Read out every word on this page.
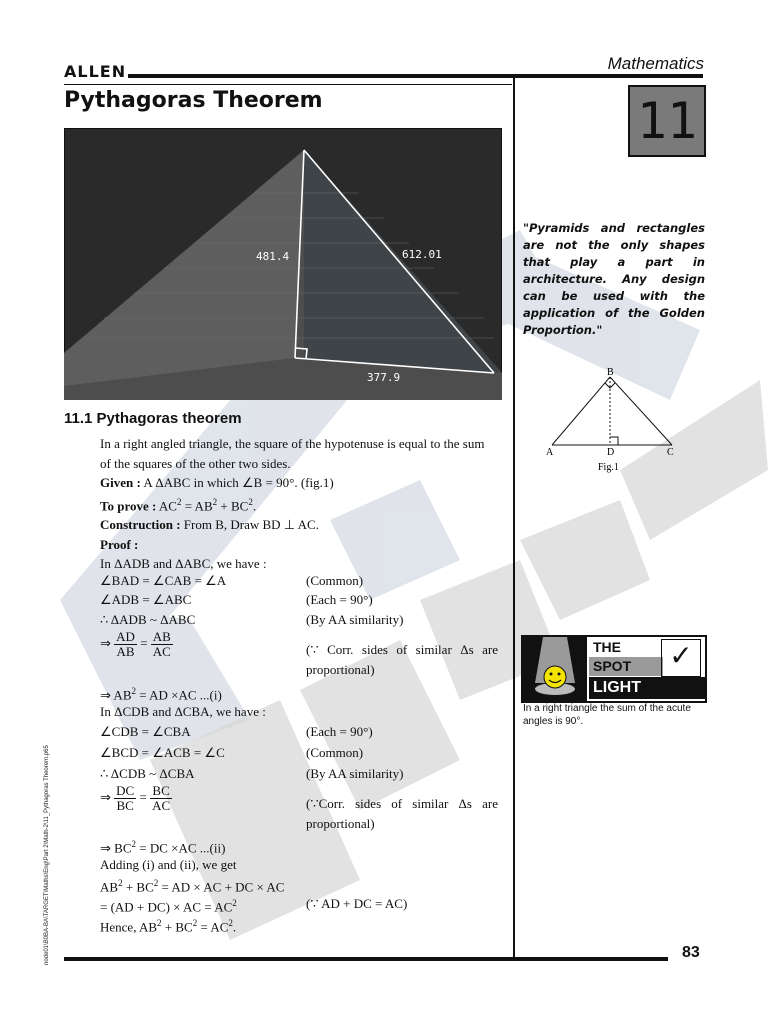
ALLEN	Mathematics
Pythagoras Theorem	11
481.4	612.01
377.9
11.1 Pythagoras theorem
In a right angled triangle, the square of the hypotenuse is equal to the sum
of the squares of the other two sides.
Given : A ΔABC in which ∠B = 90°. (fig.1)
To prove : $AC^2 = AB^2 + BC^2$.
Construction : From B, Draw BD ⊥ AC.
Proof :
In ΔADB and ΔABC, we have :
∠BAD = ∠CAB = ∠A	(Common)
∠ADB = ∠ABC	(Each = 90°)
∴ ΔADB ~ ΔABC	(By AA similarity)
⇒ $\frac{AD}{AB} = \frac{AB}{AC}$	(∵ Corr. sides of similar Δs are
proportional)
⇒ $AB^2$ = AD ×AC ...(i)
In ΔCDB and ΔCBA, we have :
∠CDB = ∠CBA	(Each = 90°)
∠BCD = ∠ACB = ∠C	(Common)
∴ ΔCDB ~ ΔCBA	(By AA similarity)
⇒ $\frac{DC}{BC} = \frac{BC}{AC}$	(∵Corr. sides of similar Δs are
proportional)
⇒ $BC^2$ = DC ×AC ...(ii)
Adding (i) and (ii), we get
$AB^2 + BC^2$ = AD × AC + DC × AC
= (AD + DC) × AC = $AC^2$	(∵ AD + DC = AC)
Hence, $AB^2 + BC^2 = AC^2$.
"Pyramids and rectangles are not the only shapes that play a part in architecture. Any design can be used with the application of the Golden Proportion."
B
A	D	C
Fig.1
THE
SPOT
LIGHT
✓
In a right triangle the sum of the acute angles is 90°.
83
node01\B0BA-BA\TARGET\Maths\Eng\Part 2\Math-2\11_Pythagoras Theorem.p65
